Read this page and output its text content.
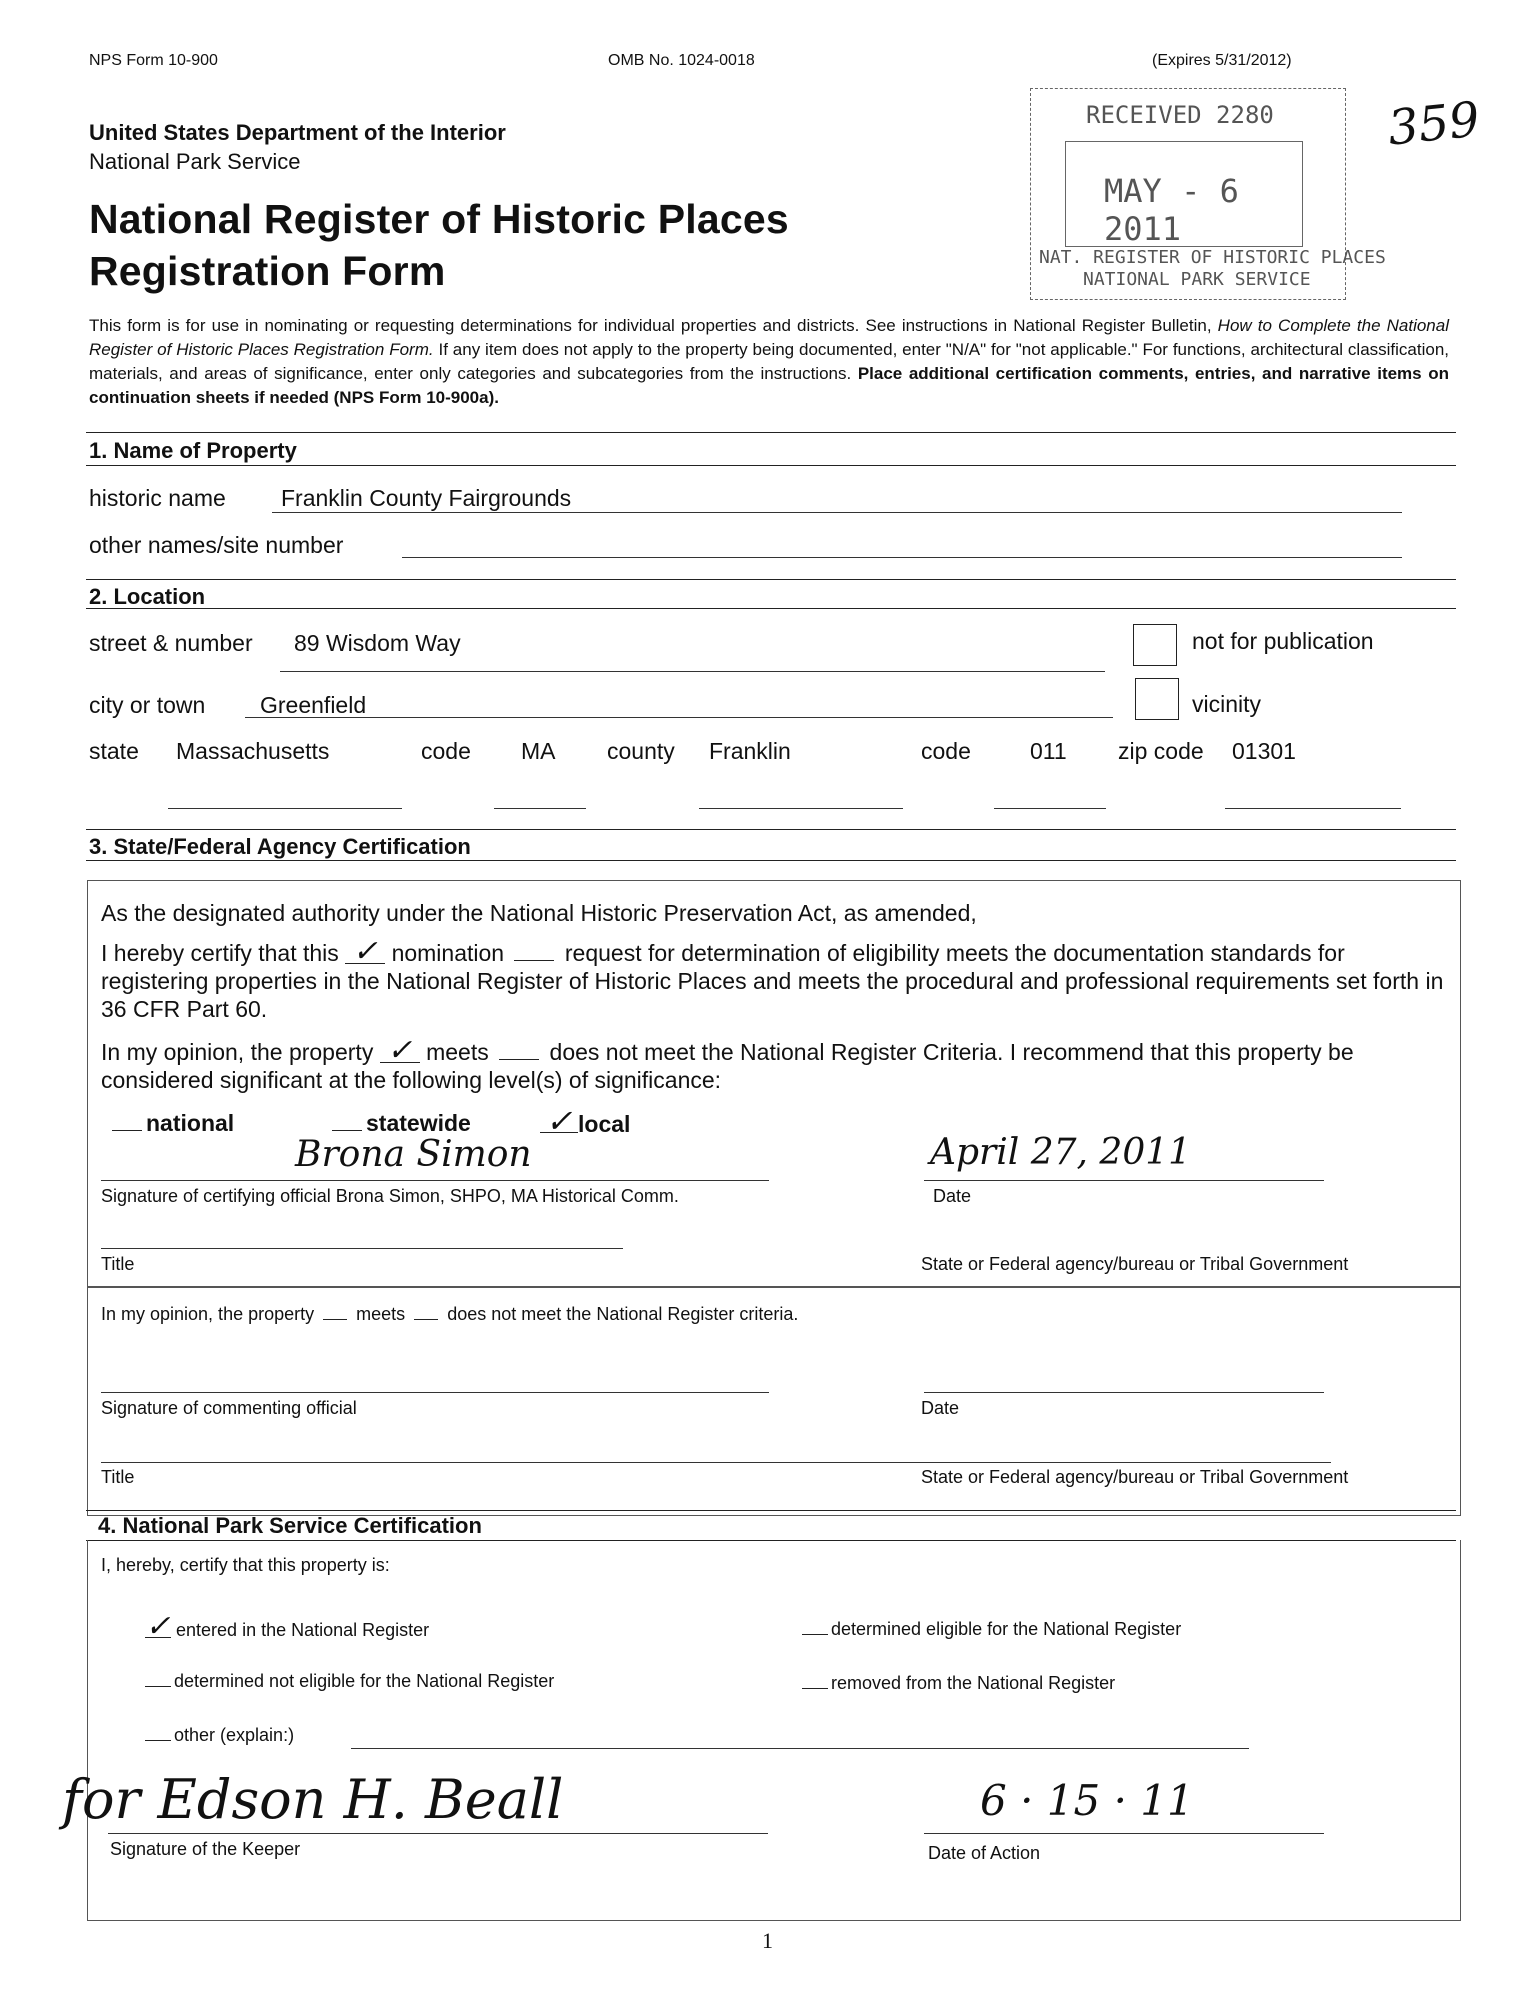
NPS Form 10-900	OMB No. 1024-0018	(Expires 5/31/2012)
United States Department of the Interior
National Park Service
National Register of Historic Places
Registration Form
RECEIVED 2280
MAY - 6 2011
NAT. REGISTER OF HISTORIC PLACES
NATIONAL PARK SERVICE
359
This form is for use in nominating or requesting determinations for individual properties and districts. See instructions in National Register Bulletin, How to Complete the National Register of Historic Places Registration Form. If any item does not apply to the property being documented, enter "N/A" for "not applicable." For functions, architectural classification, materials, and areas of significance, enter only categories and subcategories from the instructions. Place additional certification comments, entries, and narrative items on continuation sheets if needed (NPS Form 10-900a).
1. Name of Property
historic name Franklin County Fairgrounds
other names/site number
2. Location
street & number 89 Wisdom Way	not for publication
city or town Greenfield	vicinity
state Massachusetts	code MA county Franklin	code	011 zip code 01301
3. State/Federal Agency Certification
As the designated authority under the National Historic Preservation Act, as amended,
I hereby certify that this ✓ nomination	request for determination of eligibility meets the documentation standards for registering properties in the National Register of Historic Places and meets the procedural and professional requirements set forth in 36 CFR Part 60.
In my opinion, the property ✓ meets	does not meet the National Register Criteria. I recommend that this property be considered significant at the following level(s) of significance:
national	statewide ✓ local
Brona Simon
Signature of certifying official Brona Simon, SHPO, MA Historical Comm.
April 27, 2011
Date
Title	State or Federal agency/bureau or Tribal Government
In my opinion, the property meets does not meet the National Register criteria.
Signature of commenting official	Date
Title	State or Federal agency/bureau or Tribal Government
4. National Park Service Certification
I, hereby, certify that this property is:
✓ entered in the National Register	determined eligible for the National Register
determined not eligible for the National Register	removed from the National Register
other (explain:)
for Edson H. Beall
Signature of the Keeper
6 · 15 · 11
Date of Action
1
